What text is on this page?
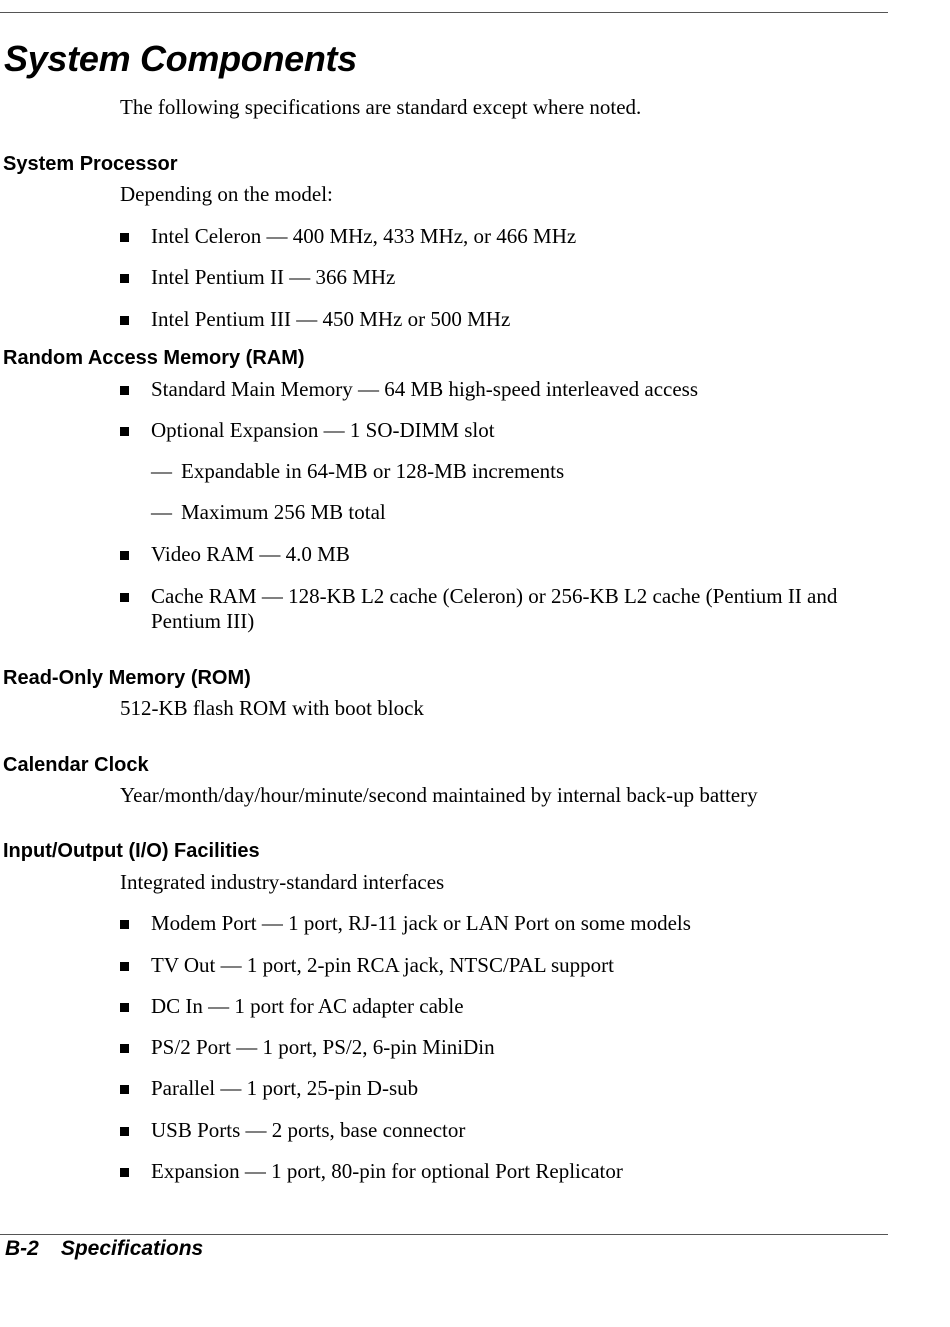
System Components

The following specifications are standard except where noted.

System Processor

Depending on the model:

Intel Celeron — 400 MHz, 433 MHz, or 466 MHz
Intel Pentium II — 366 MHz
Intel Pentium III — 450 MHz or 500 MHz
Random Access Memory (RAM)
Standard Main Memory — 64 MB high-speed interleaved access
Optional Expansion — 1 SO-DIMM slot
— Expandable in 64-MB or 128-MB increments
— Maximum 256 MB total
Video RAM — 4.0 MB
Cache RAM — 128-KB L2 cache (Celeron) or 256-KB L2 cache (Pentium II and Pentium III)
Read-Only Memory (ROM)

512-KB flash ROM with boot block

Calendar Clock

Year/month/day/hour/minute/second maintained by internal back-up battery

Input/Output (I/O) Facilities

Integrated industry-standard interfaces

Modem Port — 1 port, RJ-11 jack or LAN Port on some models
TV Out — 1 port, 2-pin RCA jack, NTSC/PAL support
DC In — 1 port for AC adapter cable
PS/2 Port — 1 port, PS/2, 6-pin MiniDin
Parallel — 1 port, 25-pin D-sub
USB Ports — 2 ports, base connector
Expansion — 1 port, 80-pin for optional Port Replicator

B-2 Specifications
